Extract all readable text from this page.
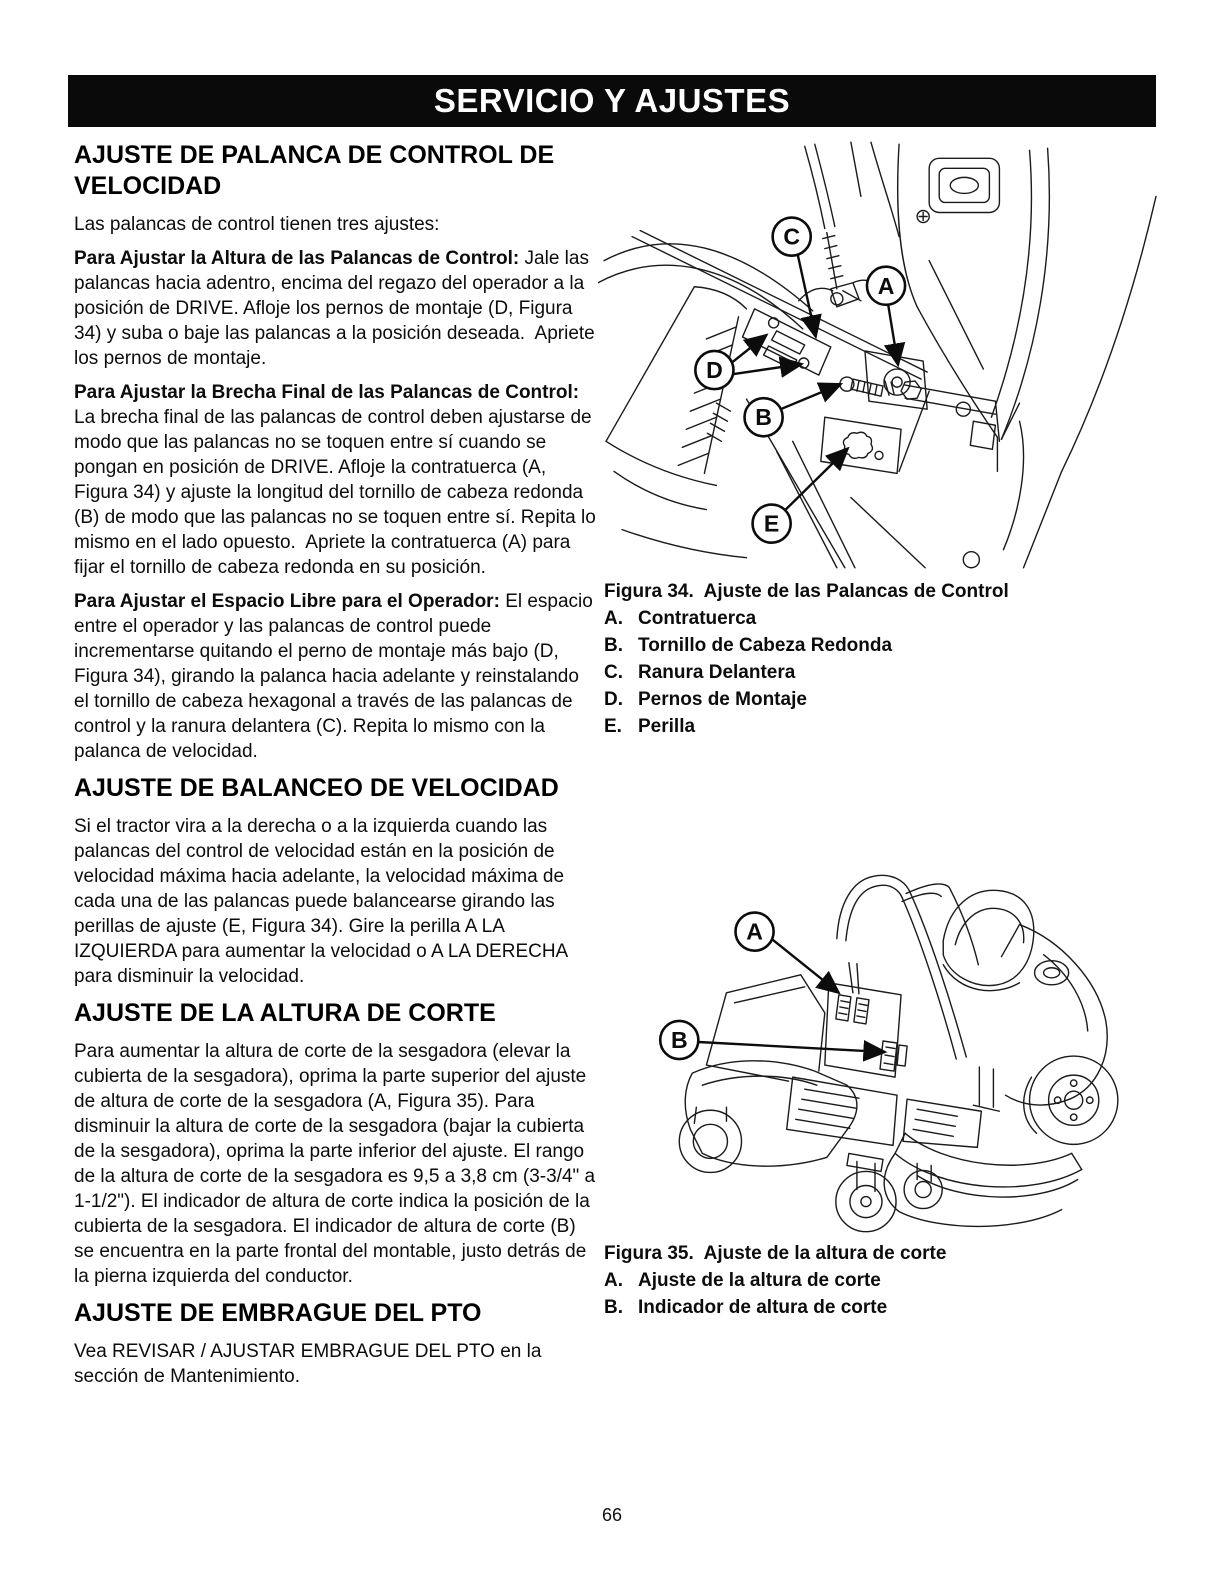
SERVICIO Y AJUSTES
AJUSTE DE PALANCA DE CONTROL DE VELOCIDAD

Las palancas de control tienen tres ajustes:

Para Ajustar la Altura de las Palancas de Control: Jale las palancas hacia adentro, encima del regazo del operador a la posición de DRIVE. Afloje los pernos de montaje (D, Figura 34) y suba o baje las palancas a la posición deseada.  Apriete los pernos de montaje.

Para Ajustar la Brecha Final de las Palancas de Control: La brecha final de las palancas de control deben ajustarse de modo que las palancas no se toquen entre sí cuando se pongan en posición de DRIVE. Afloje la contratuerca (A, Figura 34) y ajuste la longitud del tornillo de cabeza redonda (B) de modo que las palancas no se toquen entre sí. Repita lo mismo en el lado opuesto.  Apriete la contratuerca (A) para fijar el tornillo de cabeza redonda en su posición.

Para Ajustar el Espacio Libre para el Operador: El espacio entre el operador y las palancas de control puede incrementarse quitando el perno de montaje más bajo (D, Figura 34), girando la palanca hacia adelante y reinstalando el tornillo de cabeza hexagonal a través de las palancas de control y la ranura delantera (C). Repita lo mismo con la palanca de velocidad.

AJUSTE DE BALANCEO DE VELOCIDAD

Si el tractor vira a la derecha o a la izquierda cuando las palancas del control de velocidad están en la posición de velocidad máxima hacia adelante, la velocidad máxima de cada una de las palancas puede balancearse girando las perillas de ajuste (E, Figura 34). Gire la perilla A LA IZQUIERDA para aumentar la velocidad o A LA DERECHA para disminuir la velocidad.

AJUSTE DE LA ALTURA DE CORTE

Para aumentar la altura de corte de la sesgadora (elevar la cubierta de la sesgadora), oprima la parte superior del ajuste de altura de corte de la sesgadora (A, Figura 35). Para disminuir la altura de corte de la sesgadora (bajar la cubierta de la sesgadora), oprima la parte inferior del ajuste. El rango de la altura de corte de la sesgadora es 9,5 a 3,8 cm (3-3/4" a 1-1/2"). El indicador de altura de corte indica la posición de la cubierta de la sesgadora. El indicador de altura de corte (B) se encuentra en la parte frontal del montable, justo detrás de la pierna izquierda del conductor.

AJUSTE DE EMBRAGUE DEL PTO

Vea REVISAR / AJUSTAR EMBRAGUE DEL PTO en la sección de Mantenimiento.

C
A
D
B
E
Figura 34.  Ajuste de las Palancas de Control
A. Contratuerca
B. Tornillo de Cabeza Redonda
C. Ranura Delantera
D. Pernos de Montaje
E. Perilla
A
B
Figura 35.  Ajuste de la altura de corte
A. Ajuste de la altura de corte
B. Indicador de altura de corte
66
